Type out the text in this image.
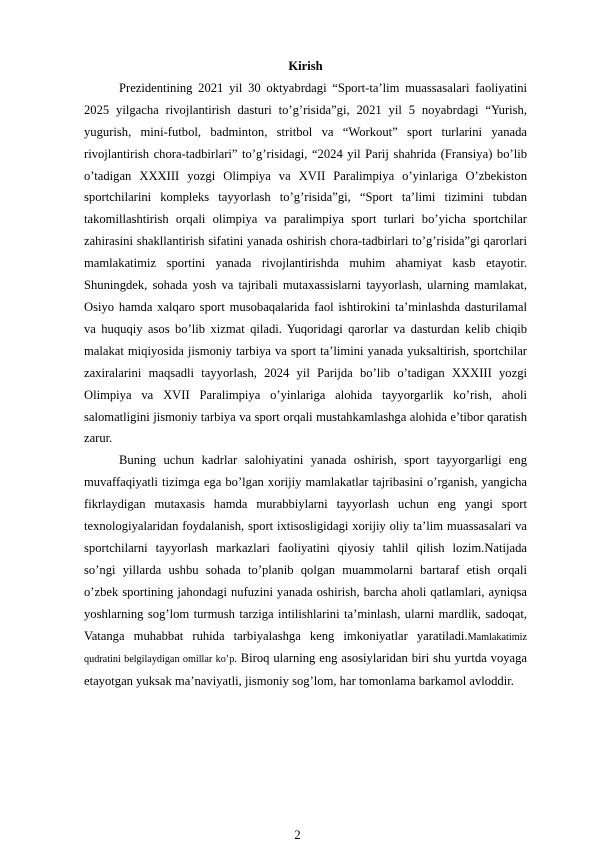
Kirish

Prezidentining 2021 yil 30 oktyabrdagi “Sport-ta’lim muassasalari faoliyatini 2025 yilgacha rivojlantirish dasturi to’g’risida”gi, 2021 yil 5 noyabrdagi “Yurish, yugurish, mini-futbol, badminton, stritbol va “Workout” sport turlarini yanada rivojlantirish chora-tadbirlari” to’g’risidagi, “2024 yil Parij shahrida (Fransiya) bo’lib o’tadigan XXXIII yozgi Olimpiya va XVII Paralimpiya o’yinlariga O’zbekiston sportchilarini kompleks tayyorlash to’g’risida”gi, “Sport ta’limi tizimini tubdan takomillashtirish orqali olimpiya va paralimpiya sport turlari bo’yicha sportchilar zahirasini shakllantirish sifatini yanada oshirish chora-tadbirlari to’g’risida”gi qarorlari mamlakatimiz sportini yanada rivojlantirishda muhim ahamiyat kasb etayotir. Shuningdek, sohada yosh va tajribali mutaxassislarni tayyorlash, ularning mamlakat, Osiyo hamda xalqaro sport musobaqalarida faol ishtirokini ta’minlashda dasturilamal va huquqiy asos bo’lib xizmat qiladi. Yuqoridagi qarorlar va dasturdan kelib chiqib malakat miqiyosida jismoniy tarbiya va sport ta’limini yanada yuksaltirish, sportchilar zaxiralarini maqsadli tayyorlash, 2024 yil Parijda bo’lib o’tadigan XXXIII yozgi Olimpiya va XVII Paralimpiya o’yinlariga alohida tayyorgarlik ko’rish, aholi salomatligini jismoniy tarbiya va sport orqali mustahkamlashga alohida e’tibor qaratish zarur.

Buning uchun kadrlar salohiyatini yanada oshirish, sport tayyorgarligi eng muvaffaqiyatli tizimga ega bo’lgan xorijiy mamlakatlar tajribasini o’rganish, yangicha fikrlaydigan mutaxasis hamda murabbiylarni tayyorlash uchun eng yangi sport texnologiyalaridan foydalanish, sport ixtisosligidagi xorijiy oliy ta’lim muassasalari va sportchilarni tayyorlash markazlari faoliyatini qiyosiy tahlil qilish lozim.Natijada so’ngi yillarda ushbu sohada to’planib qolgan muammolarni bartaraf etish orqali o’zbek sportining jahondagi nufuzini yanada oshirish, barcha aholi qatlamlari, ayniqsa yoshlarning sog’lom turmush tarziga intilishlarini ta’minlash, ularni mardlik, sadoqat, Vatanga muhabbat ruhida tarbiyalashga keng imkoniyatlar yaratiladi.Mamlakatimiz qudratini belgilaydigan omillar ko’p. Biroq ularning eng asosiylaridan biri shu yurtda voyaga etayotgan yuksak ma’naviyatli, jismoniy sog’lom, har tomonlama barkamol avloddir.

2
